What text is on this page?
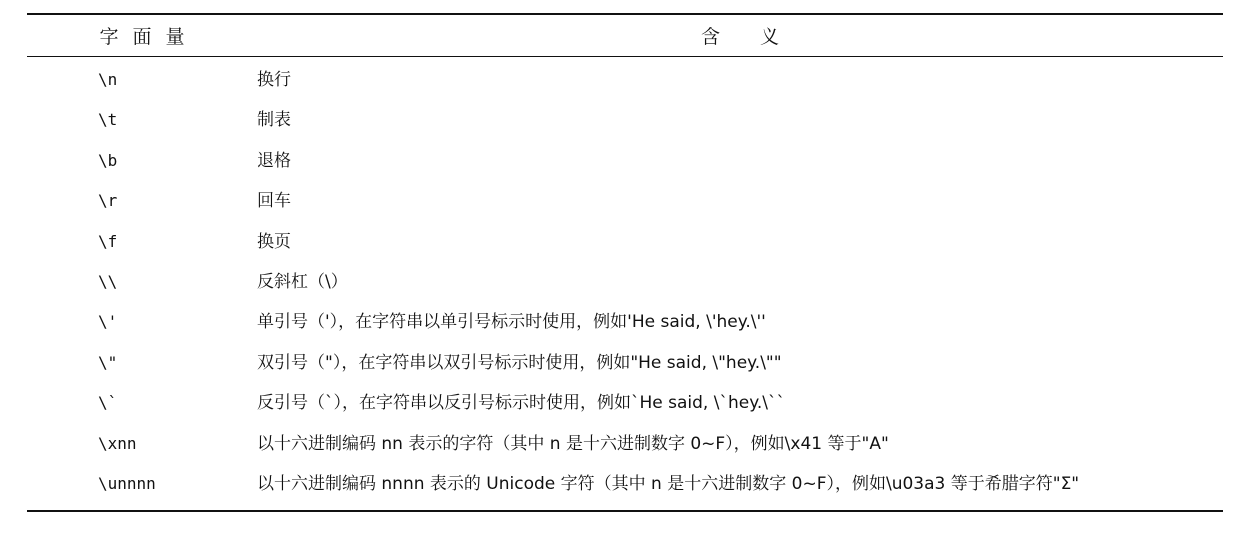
字面量	含义
\n	换行
\t	制表
\b	退格
\r	回车
\f	换页
\\	反斜杠（\）
\'	单引号（'），在字符串以单引号标示时使用，例如'He said, \'hey.\''
\"	双引号（"），在字符串以双引号标示时使用，例如"He said, \"hey.\""
\`	反引号（`），在字符串以反引号标示时使用，例如`He said, \`hey.\``
\xnn	以十六进制编码 nn 表示的字符（其中 n 是十六进制数字 0~F），例如\x41 等于"A"
\unnnn	以十六进制编码 nnnn 表示的 Unicode 字符（其中 n 是十六进制数字 0~F），例如\u03a3 等于希腊字符"Σ"
